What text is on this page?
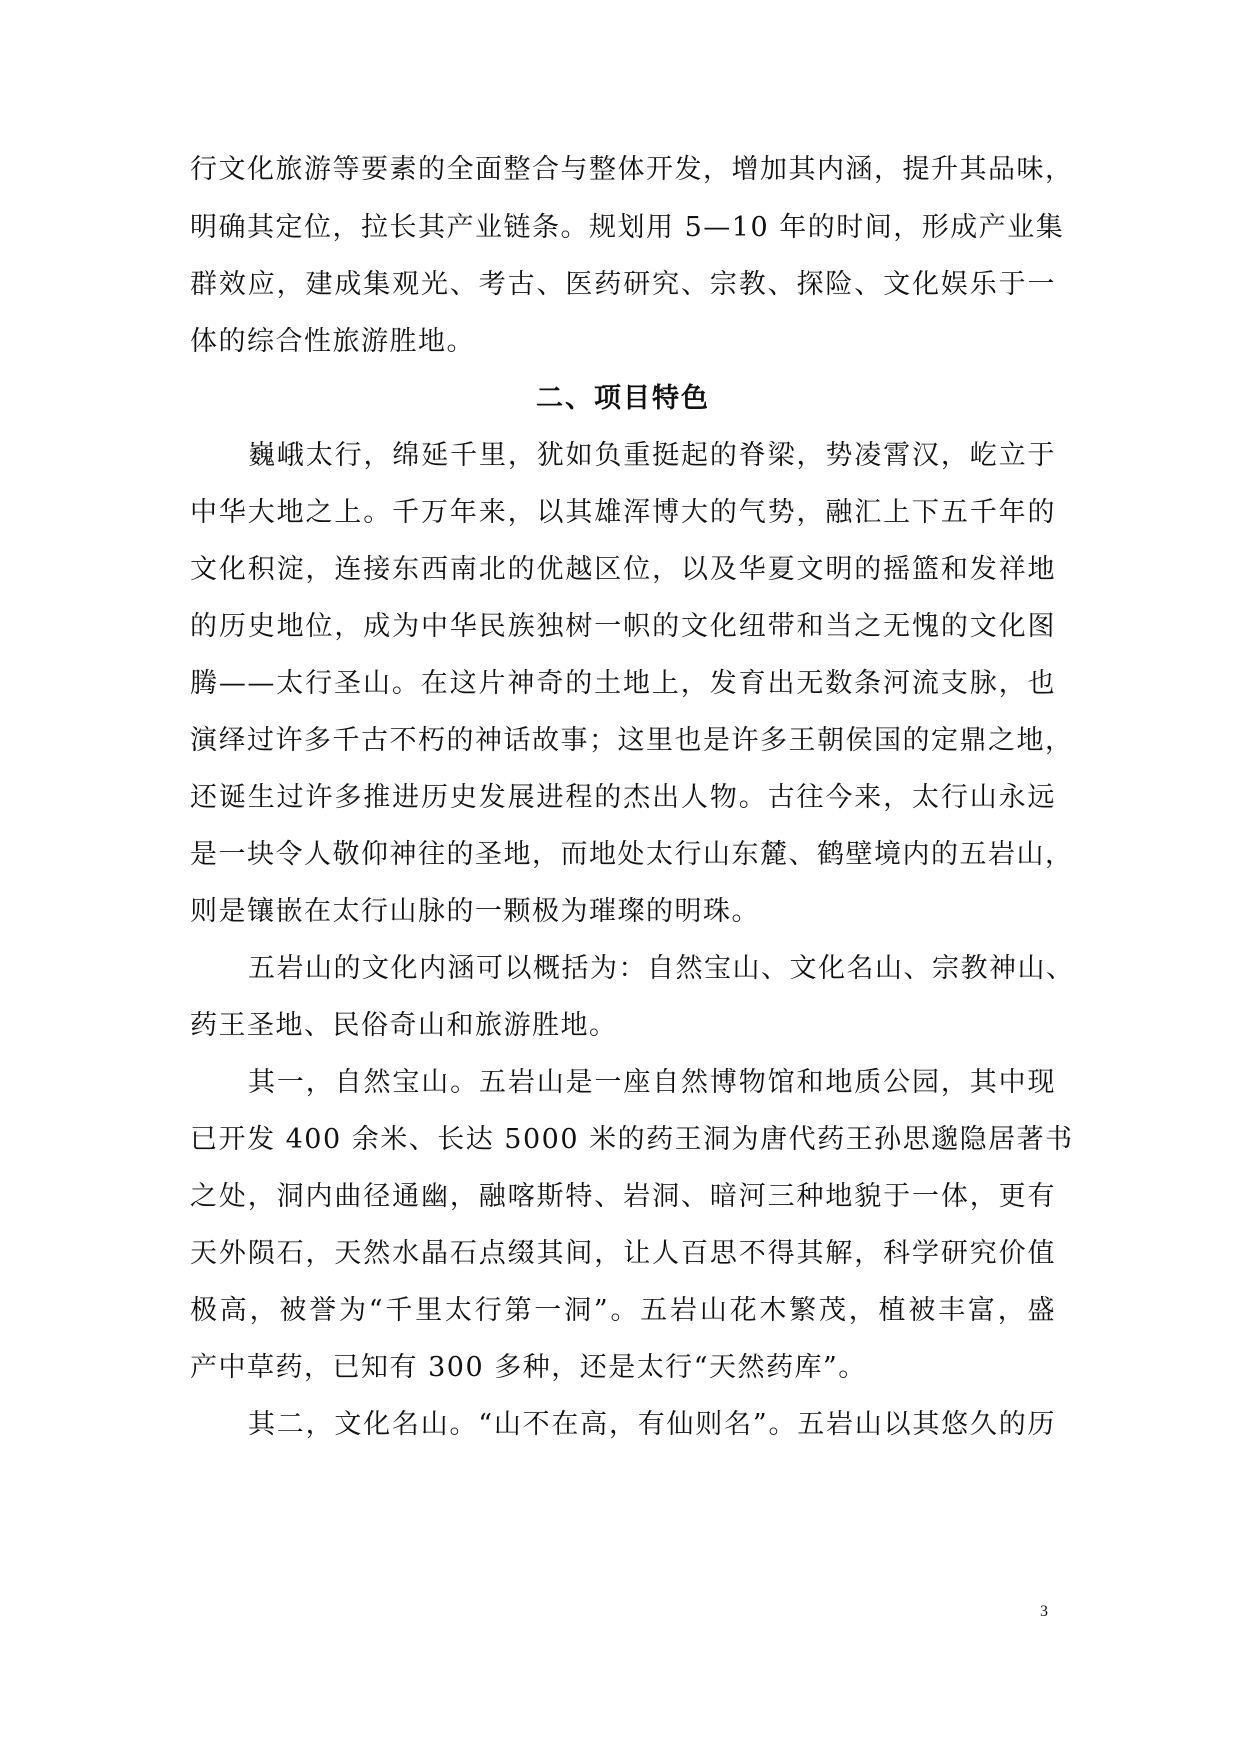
行文化旅游等要素的全面整合与整体开发，增加其内涵，提升其品味，
明确其定位，拉长其产业链条。规划用 5—10 年的时间，形成产业集
群效应，建成集观光、考古、医药研究、宗教、探险、文化娱乐于一
体的综合性旅游胜地。
二、项目特色
巍峨太行，绵延千里，犹如负重挺起的脊梁，势凌霄汉，屹立于
中华大地之上。千万年来，以其雄浑博大的气势，融汇上下五千年的
文化积淀，连接东西南北的优越区位，以及华夏文明的摇篮和发祥地
的历史地位，成为中华民族独树一帜的文化纽带和当之无愧的文化图
腾——太行圣山。在这片神奇的土地上，发育出无数条河流支脉，也
演绎过许多千古不朽的神话故事；这里也是许多王朝侯国的定鼎之地，
还诞生过许多推进历史发展进程的杰出人物。古往今来，太行山永远
是一块令人敬仰神往的圣地，而地处太行山东麓、鹤壁境内的五岩山，
则是镶嵌在太行山脉的一颗极为璀璨的明珠。
五岩山的文化内涵可以概括为：自然宝山、文化名山、宗教神山、
药王圣地、民俗奇山和旅游胜地。
其一，自然宝山。五岩山是一座自然博物馆和地质公园，其中现
已开发 400 余米、长达 5000 米的药王洞为唐代药王孙思邈隐居著书
之处，洞内曲径通幽，融喀斯特、岩洞、暗河三种地貌于一体，更有
天外陨石，天然水晶石点缀其间，让人百思不得其解，科学研究价值
极高，被誉为“千里太行第一洞”。五岩山花木繁茂，植被丰富，盛
产中草药，已知有 300 多种，还是太行“天然药库”。
其二，文化名山。“山不在高，有仙则名”。五岩山以其悠久的历
3
